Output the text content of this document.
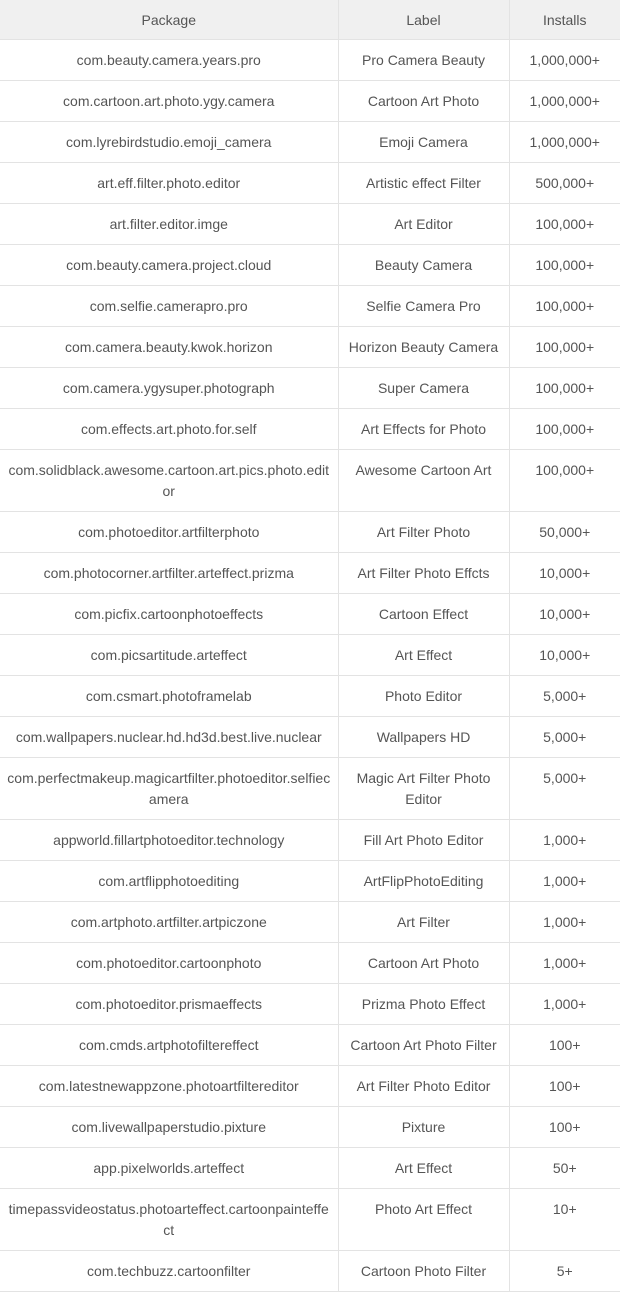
Package	Label	Installs
com.beauty.camera.years.pro	Pro Camera Beauty	1,000,000+
com.cartoon.art.photo.ygy.camera	Cartoon Art Photo	1,000,000+
com.lyrebirdstudio.emoji_camera	Emoji Camera	1,000,000+
art.eff.filter.photo.editor	Artistic effect Filter	500,000+
art.filter.editor.imge	Art Editor	100,000+
com.beauty.camera.project.cloud	Beauty Camera	100,000+
com.selfie.camerapro.pro	Selfie Camera Pro	100,000+
com.camera.beauty.kwok.horizon	Horizon Beauty Camera	100,000+
com.camera.ygysuper.photograph	Super Camera	100,000+
com.effects.art.photo.for.self	Art Effects for Photo	100,000+
com.solidblack.awesome.cartoon.art.pics.photo.editor	Awesome Cartoon Art	100,000+
com.photoeditor.artfilterphoto	Art Filter Photo	50,000+
com.photocorner.artfilter.arteffect.prizma	Art Filter Photo Effcts	10,000+
com.picfix.cartoonphotoeffects	Cartoon Effect	10,000+
com.picsartitude.arteffect	Art Effect	10,000+
com.csmart.photoframelab	Photo Editor	5,000+
com.wallpapers.nuclear.hd.hd3d.best.live.nuclear	Wallpapers HD	5,000+
com.perfectmakeup.magicartfilter.photoeditor.selfiecamera	Magic Art Filter Photo Editor	5,000+
appworld.fillartphotoeditor.technology	Fill Art Photo Editor	1,000+
com.artflipphotoediting	ArtFlipPhotoEditing	1,000+
com.artphoto.artfilter.artpiczone	Art Filter	1,000+
com.photoeditor.cartoonphoto	Cartoon Art Photo	1,000+
com.photoeditor.prismaeffects	Prizma Photo Effect	1,000+
com.cmds.artphotofiltereffect	Cartoon Art Photo Filter	100+
com.latestnewappzone.photoartfiltereditor	Art Filter Photo Editor	100+
com.livewallpaperstudio.pixture	Pixture	100+
app.pixelworlds.arteffect	Art Effect	50+
timepassvideostatus.photoarteffect.cartoonpainteffect	Photo Art Effect	10+
com.techbuzz.cartoonfilter	Cartoon Photo Filter	5+
